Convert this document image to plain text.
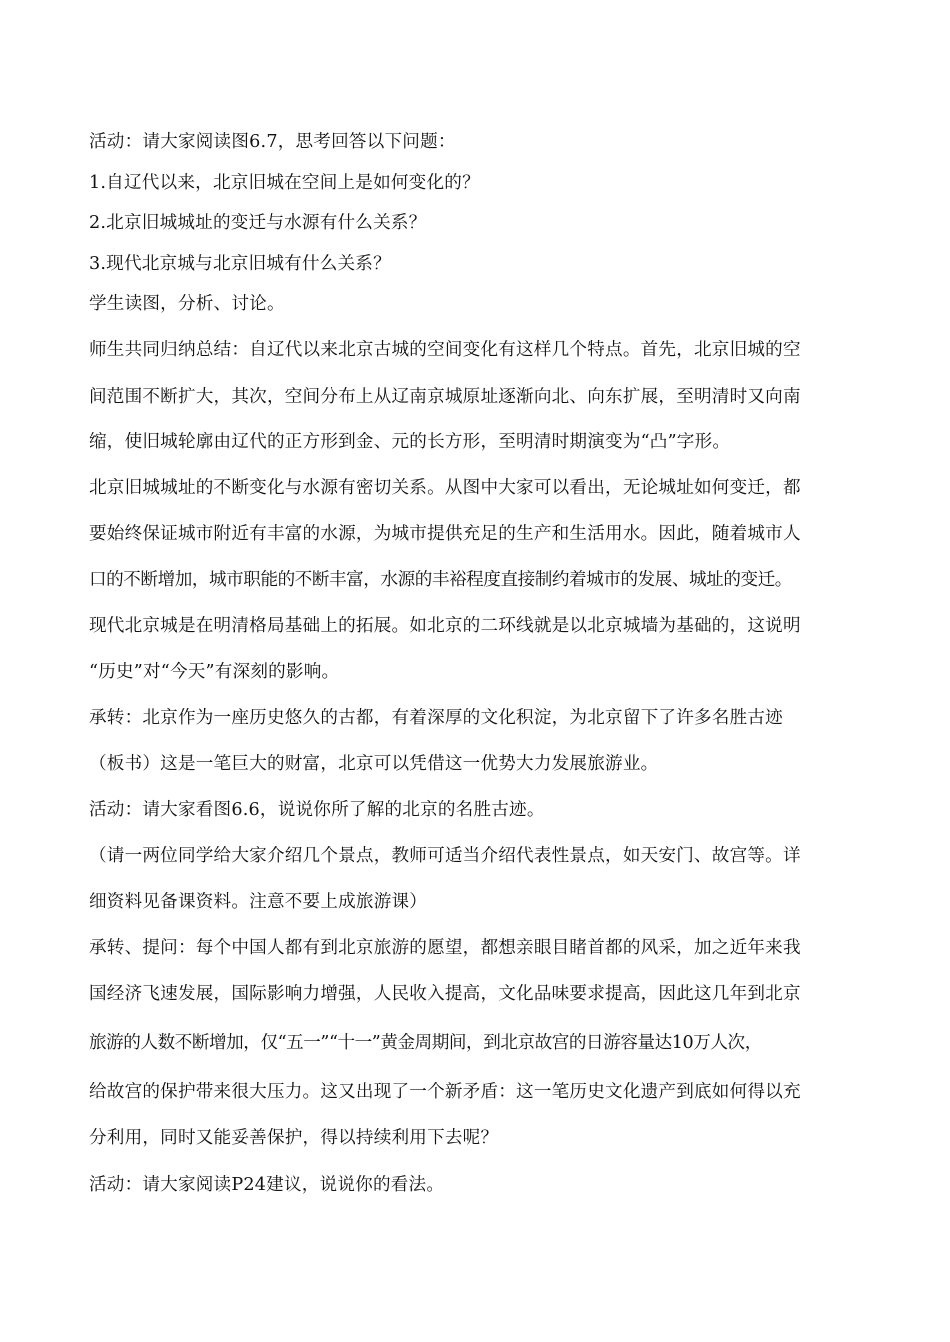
活动：请大家阅读图6.7，思考回答以下问题：
1.自辽代以来，北京旧城在空间上是如何变化的？
2.北京旧城城址的变迁与水源有什么关系？
3.现代北京城与北京旧城有什么关系？
学生读图，分析、讨论。
师生共同归纳总结：自辽代以来北京古城的空间变化有这样几个特点。首先，北京旧城的空
间范围不断扩大，其次，空间分布上从辽南京城原址逐渐向北、向东扩展，至明清时又向南
缩，使旧城轮廓由辽代的正方形到金、元的长方形，至明清时期演变为“凸”字形。
北京旧城城址的不断变化与水源有密切关系。从图中大家可以看出，无论城址如何变迁，都
要始终保证城市附近有丰富的水源，为城市提供充足的生产和生活用水。因此，随着城市人
口的不断增加，城市职能的不断丰富，水源的丰裕程度直接制约着城市的发展、城址的变迁。
现代北京城是在明清格局基础上的拓展。如北京的二环线就是以北京城墙为基础的，这说明
“历史”对“今天”有深刻的影响。
承转：北京作为一座历史悠久的古都，有着深厚的文化积淀，为北京留下了许多名胜古迹
（板书）这是一笔巨大的财富，北京可以凭借这一优势大力发展旅游业。
活动：请大家看图6.6，说说你所了解的北京的名胜古迹。
（请一两位同学给大家介绍几个景点，教师可适当介绍代表性景点，如天安门、故宫等。详
细资料见备课资料。注意不要上成旅游课）
承转、提问：每个中国人都有到北京旅游的愿望，都想亲眼目睹首都的风采，加之近年来我
国经济飞速发展，国际影响力增强，人民收入提高，文化品味要求提高，因此这几年到北京
旅游的人数不断增加，仅“五一”“十一”黄金周期间，到北京故宫的日游容量达10万人次，
给故宫的保护带来很大压力。这又出现了一个新矛盾：这一笔历史文化遗产到底如何得以充
分利用，同时又能妥善保护，得以持续利用下去呢？
活动：请大家阅读P24建议，说说你的看法。
